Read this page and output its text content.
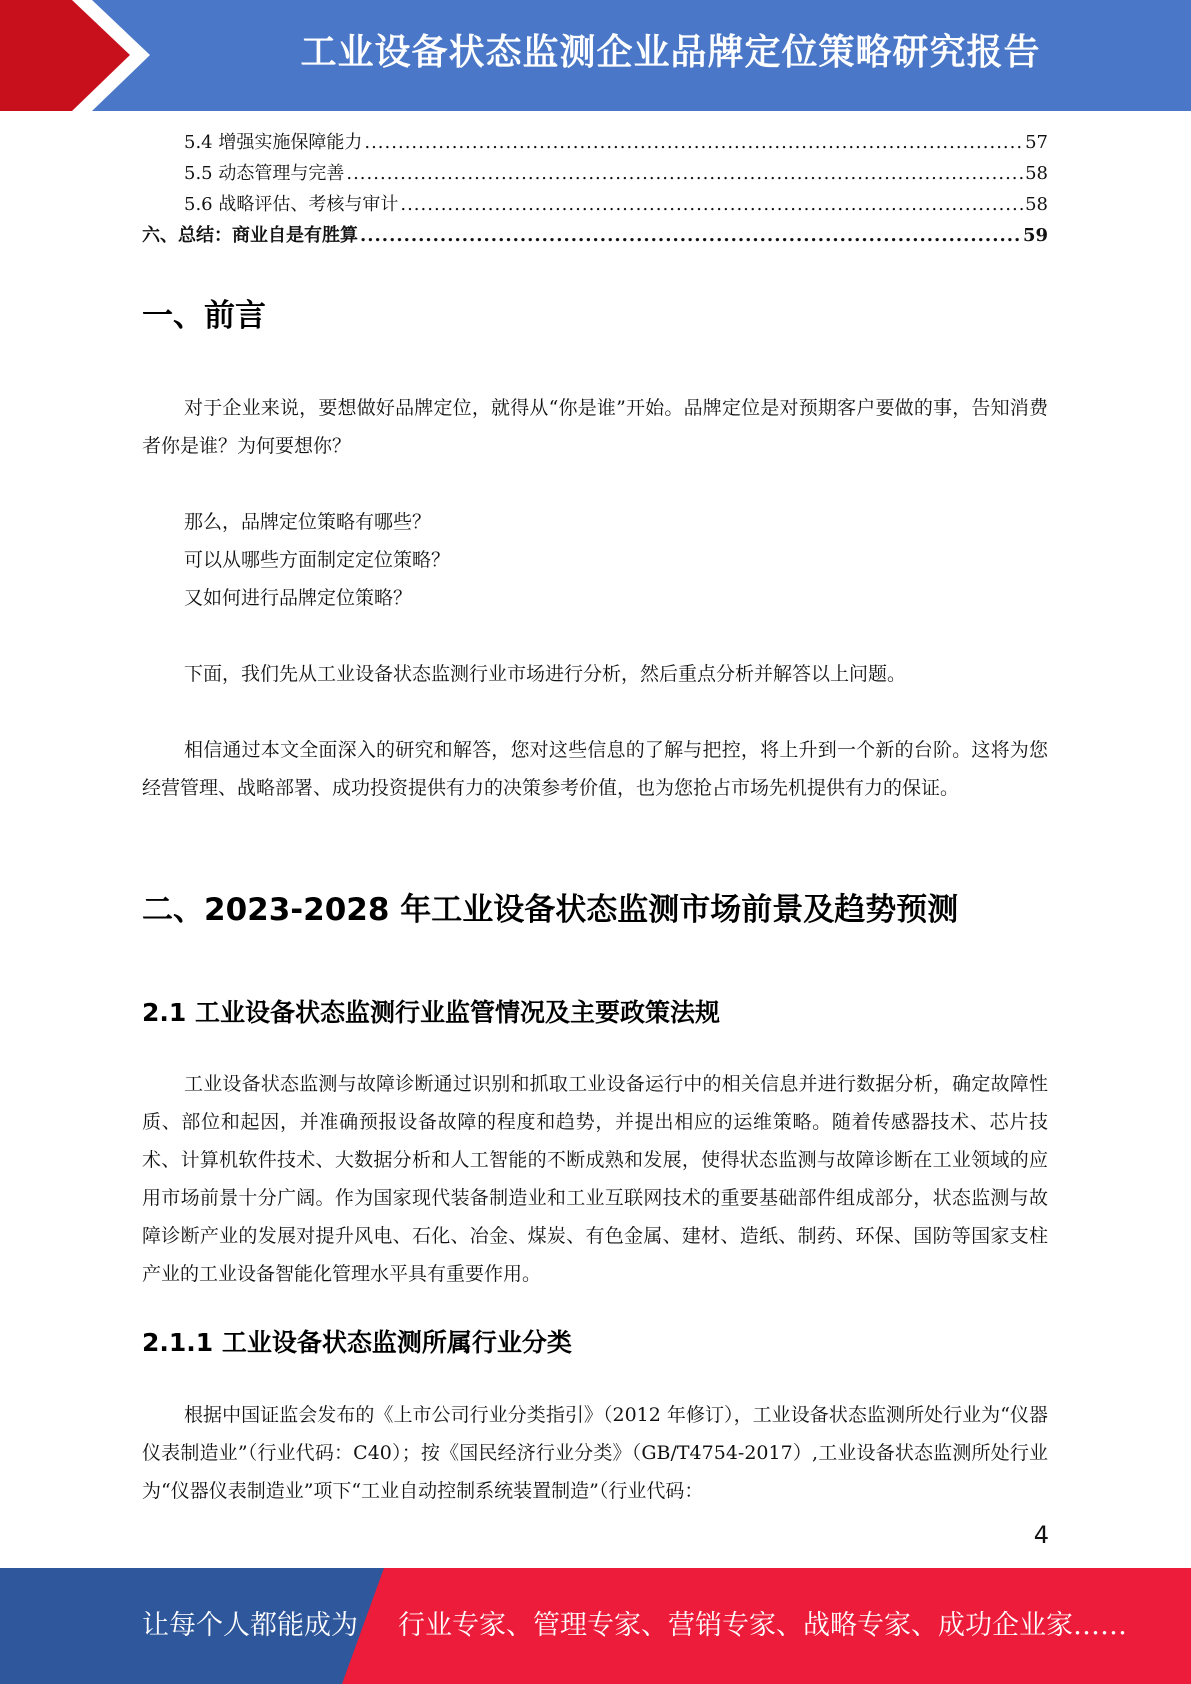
工业设备状态监测企业品牌定位策略研究报告
5.4 增强实施保障能力 .....	57
5.5 动态管理与完善 .....	58
5.6 战略评估、考核与审计 .....	58
六、总结：商业自是有胜算 .....	59
一、前言

对于企业来说，要想做好品牌定位，就得从“你是谁”开始。品牌定位是对预期客户要做的事，告知消费者你是谁？为何要想你？

那么，品牌定位策略有哪些？

可以从哪些方面制定定位策略？

又如何进行品牌定位策略？

下面，我们先从工业设备状态监测行业市场进行分析，然后重点分析并解答以上问题。

相信通过本文全面深入的研究和解答，您对这些信息的了解与把控，将上升到一个新的台阶。这将为您经营管理、战略部署、成功投资提供有力的决策参考价值，也为您抢占市场先机提供有力的保证。

二、2023-2028 年工业设备状态监测市场前景及趋势预测
2.1 工业设备状态监测行业监管情况及主要政策法规

工业设备状态监测与故障诊断通过识别和抓取工业设备运行中的相关信息并进行数据分析，确定故障性质、部位和起因，并准确预报设备故障的程度和趋势，并提出相应的运维策略。随着传感器技术、芯片技术、计算机软件技术、大数据分析和人工智能的不断成熟和发展，使得状态监测与故障诊断在工业领域的应用市场前景十分广阔。作为国家现代装备制造业和工业互联网技术的重要基础部件组成部分，状态监测与故障诊断产业的发展对提升风电、石化、冶金、煤炭、有色金属、建材、造纸、制药、环保、国防等国家支柱产业的工业设备智能化管理水平具有重要作用。

2.1.1 工业设备状态监测所属行业分类

根据中国证监会发布的《上市公司行业分类指引》（2012 年修订），工业设备状态监测所处行业为“仪器仪表制造业”（行业代码：C40）；按《国民经济行业分类》（GB/T4754-2017）,工业设备状态监测所处行业为“仪器仪表制造业”项下“工业自动控制系统装置制造”（行业代码：

4
让每个人都能成为 行业专家、管理专家、营销专家、战略专家、成功企业家……
